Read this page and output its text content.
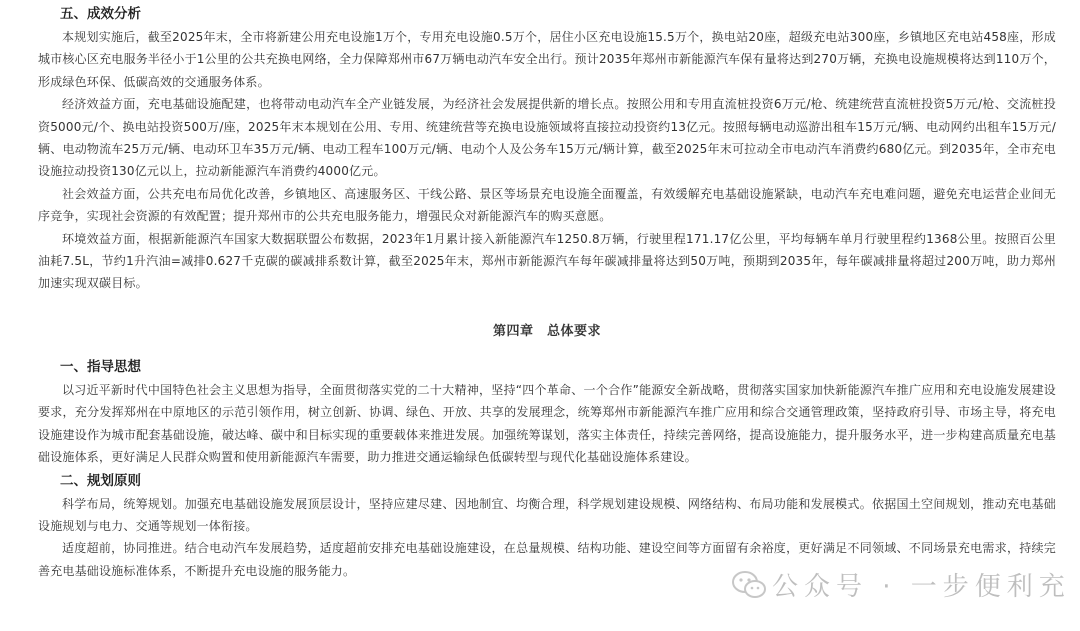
五、成效分析

本规划实施后，截至2025年末，全市将新建公用充电设施1万个，专用充电设施0.5万个，居住小区充电设施15.5万个，换电站20座，超级充电站300座，乡镇地区充电站458座，形成城市核心区充电服务半径小于1公里的公共充换电网络，全力保障郑州市67万辆电动汽车安全出行。预计2035年郑州市新能源汽车保有量将达到270万辆，充换电设施规模将达到110万个，形成绿色环保、低碳高效的交通服务体系。

经济效益方面，充电基础设施配建，也将带动电动汽车全产业链发展，为经济社会发展提供新的增长点。按照公用和专用直流桩投资6万元/枪、统建统营直流桩投资5万元/枪、交流桩投资5000元/个、换电站投资500万/座，2025年末本规划在公用、专用、统建统营等充换电设施领域将直接拉动投资约13亿元。按照每辆电动巡游出租车15万元/辆、电动网约出租车15万元/辆、电动物流车25万元/辆、电动环卫车35万元/辆、电动工程车100万元/辆、电动个人及公务车15万元/辆计算，截至2025年末可拉动全市电动汽车消费约680亿元。到2035年，全市充电设施拉动投资130亿元以上，拉动新能源汽车消费约4000亿元。

社会效益方面，公共充电布局优化改善，乡镇地区、高速服务区、干线公路、景区等场景充电设施全面覆盖，有效缓解充电基础设施紧缺，电动汽车充电难问题，避免充电运营企业间无序竞争，实现社会资源的有效配置；提升郑州市的公共充电服务能力，增强民众对新能源汽车的购买意愿。

环境效益方面，根据新能源汽车国家大数据联盟公布数据，2023年1月累计接入新能源汽车1250.8万辆，行驶里程171.17亿公里，平均每辆车单月行驶里程约1368公里。按照百公里油耗7.5L，节约1升汽油=减排0.627千克碳的碳减排系数计算，截至2025年末，郑州市新能源汽车每年碳减排量将达到50万吨，预期到2035年，每年碳减排量将超过200万吨，助力郑州加速实现双碳目标。

第四章　总体要求

一、指导思想

以习近平新时代中国特色社会主义思想为指导，全面贯彻落实党的二十大精神，坚持“四个革命、一个合作”能源安全新战略，贯彻落实国家加快新能源汽车推广应用和充电设施发展建设要求，充分发挥郑州在中原地区的示范引领作用，树立创新、协调、绿色、开放、共享的发展理念，统筹郑州市新能源汽车推广应用和综合交通管理政策，坚持政府引导、市场主导，将充电设施建设作为城市配套基础设施，破达峰、碳中和目标实现的重要载体来推进发展。加强统筹谋划，落实主体责任，持续完善网络，提高设施能力，提升服务水平，进一步构建高质量充电基础设施体系，更好满足人民群众购置和使用新能源汽车需要，助力推进交通运输绿色低碳转型与现代化基础设施体系建设。

二、规划原则

科学布局，统筹规划。加强充电基础设施发展顶层设计，坚持应建尽建、因地制宜、均衡合理，科学规划建设规模、网络结构、布局功能和发展模式。依据国土空间规划，推动充电基础设施规划与电力、交通等规划一体衔接。

适度超前，协同推进。结合电动汽车发展趋势，适度超前安排充电基础设施建设，在总量规模、结构功能、建设空间等方面留有余裕度，更好满足不同领域、不同场景充电需求，持续完善充电基础设施标准体系，不断提升充电设施的服务能力。

公众号 · 一步便利充
